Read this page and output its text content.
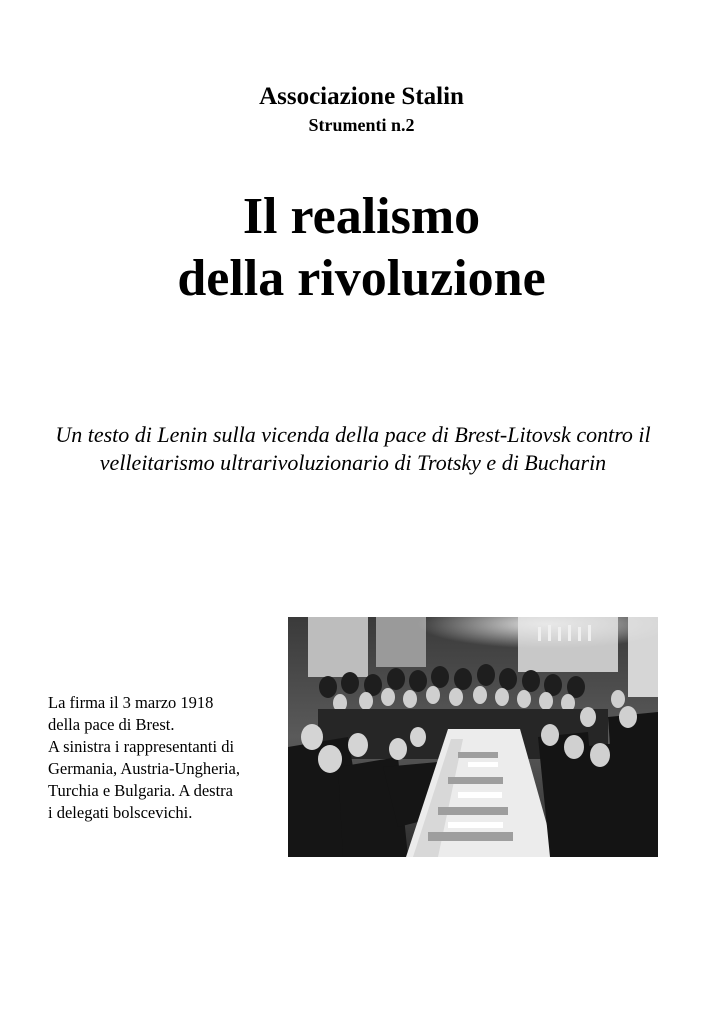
Associazione Stalin
Strumenti n.2
Il realismo
della rivoluzione
Un testo di Lenin sulla vicenda della pace di Brest-Litovsk contro il velleitarismo ultrarivoluzionario di Trotsky e di Bucharin
La firma il 3 marzo 1918
della pace di Brest.
A sinistra i rappresentanti di
Germania, Austria-Ungheria,
Turchia e Bulgaria. A destra
i delegati bolscevichi.
